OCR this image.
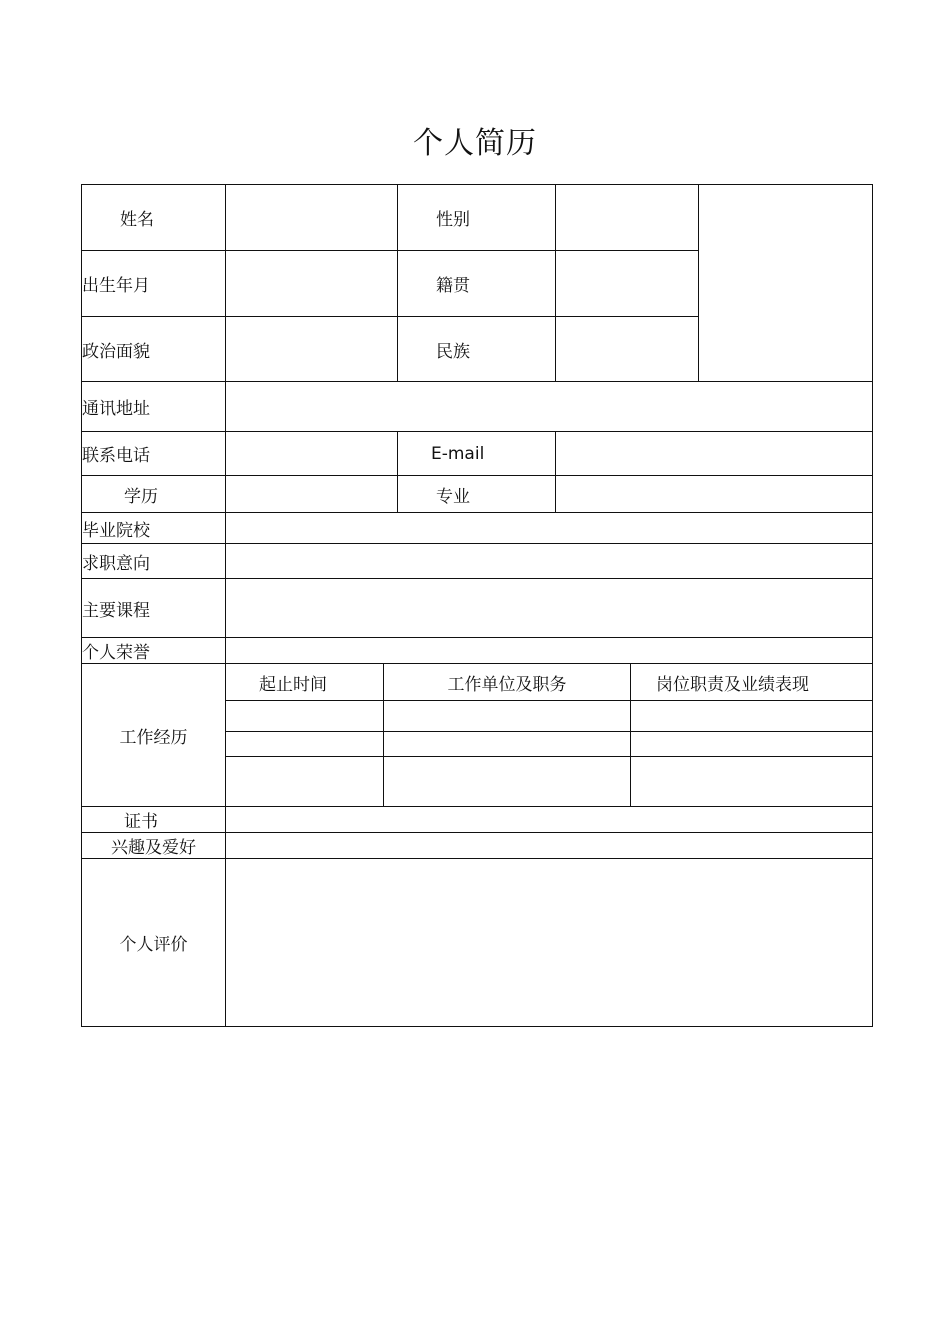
个人简历
姓名			性别			
出生年月			籍贯			
政治面貌			民族			
通讯地址						
联系电话			E-mail			
学历			专业			
毕业院校						
求职意向						
主要课程						
个人荣誉						
工作经历	起止时间	工作单位及职务			岗位职责及业绩表现	

证书						
兴趣及爱好						
个人评价						
